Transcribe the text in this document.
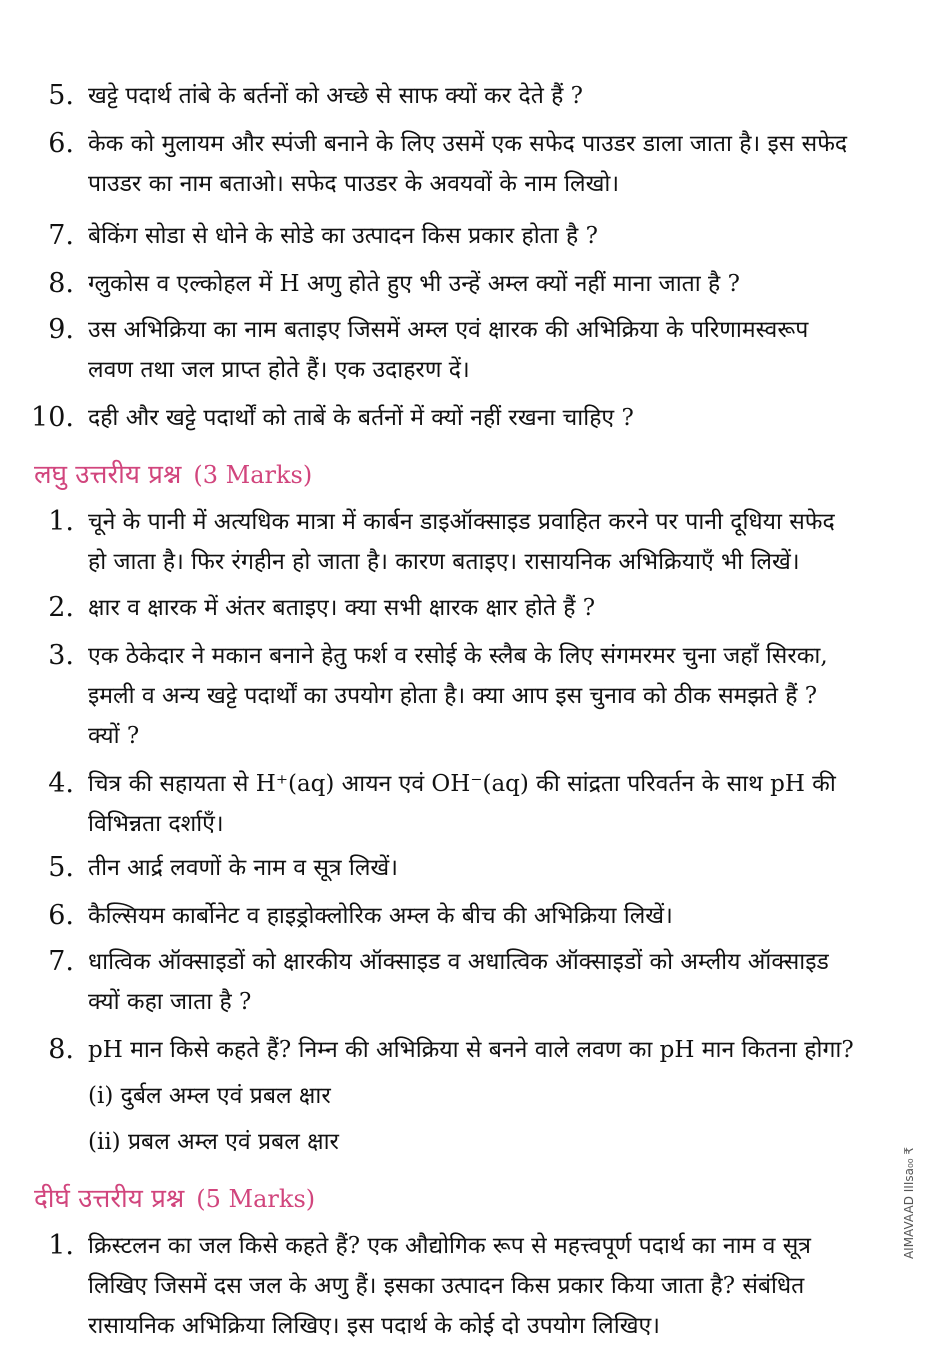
5. खट्टे पदार्थ तांबे के बर्तनों को अच्छे से साफ क्यों कर देते हैं ?
6. केक को मुलायम और स्पंजी बनाने के लिए उसमें एक सफेद पाउडर डाला जाता है। इस सफेद
पाउडर का नाम बताओ। सफेद पाउडर के अवयवों के नाम लिखो।
7. बेकिंग सोडा से धोने के सोडे का उत्पादन किस प्रकार होता है ?
8. ग्लुकोस व एल्कोहल में H अणु होते हुए भी उन्हें अम्ल क्यों नहीं माना जाता है ?
9. उस अभिक्रिया का नाम बताइए जिसमें अम्ल एवं क्षारक की अभिक्रिया के परिणामस्वरूप
लवण तथा जल प्राप्त होते हैं। एक उदाहरण दें।
10. दही और खट्टे पदार्थों को ताबें के बर्तनों में क्यों नहीं रखना चाहिए ?
लघु उत्तरीय प्रश्न (3 Marks)
1. चूने के पानी में अत्यधिक मात्रा में कार्बन डाइऑक्साइड प्रवाहित करने पर पानी दूधिया सफेद
हो जाता है। फिर रंगहीन हो जाता है। कारण बताइए। रासायनिक अभिक्रियाएँ भी लिखें।
2. क्षार व क्षारक में अंतर बताइए। क्या सभी क्षारक क्षार होते हैं ?
3. एक ठेकेदार ने मकान बनाने हेतु फर्श व रसोई के स्लैब के लिए संगमरमर चुना जहाँ सिरका,
इमली व अन्य खट्टे पदार्थों का उपयोग होता है। क्या आप इस चुनाव को ठीक समझते हैं ?
क्यों ?
4. चित्र की सहायता से H⁺(aq) आयन एवं OH⁻(aq) की सांद्रता परिवर्तन के साथ pH की
विभिन्नता दर्शाएँ।
5. तीन आर्द्र लवणों के नाम व सूत्र लिखें।
6. कैल्सियम कार्बोनेट व हाइड्रोक्लोरिक अम्ल के बीच की अभिक्रिया लिखें।
7. धात्विक ऑक्साइडों को क्षारकीय ऑक्साइड व अधात्विक ऑक्साइडों को अम्लीय ऑक्साइड
क्यों कहा जाता है ?
8. pH मान किसे कहते हैं? निम्न की अभिक्रिया से बनने वाले लवण का pH मान कितना होगा?
(i) दुर्बल अम्ल एवं प्रबल क्षार
(ii) प्रबल अम्ल एवं प्रबल क्षार
दीर्घ उत्तरीय प्रश्न (5 Marks)
1. क्रिस्टलन का जल किसे कहते हैं? एक औद्योगिक रूप से महत्त्वपूर्ण पदार्थ का नाम व सूत्र
लिखिए जिसमें दस जल के अणु हैं। इसका उत्पादन किस प्रकार किया जाता है? संबंधित
रासायनिक अभिक्रिया लिखिए। इस पदार्थ के कोई दो उपयोग लिखिए।
AIMAVAAD IIIsa₀₀ ₹
